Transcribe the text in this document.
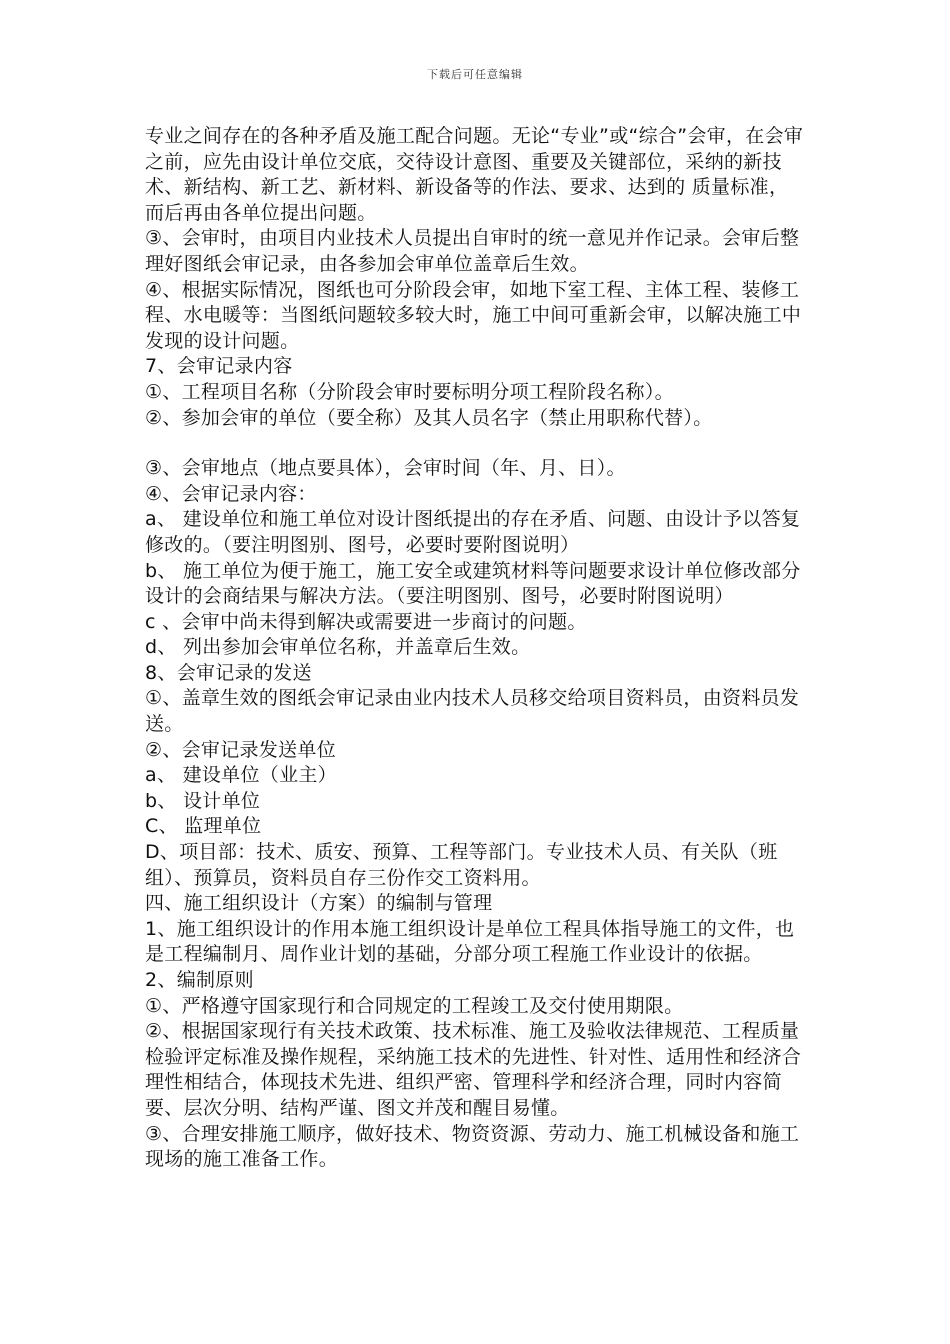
下载后可任意编辑

专业之间存在的各种矛盾及施工配合问题。无论“专业”或“综合”会审，在会审之前，应先由设计单位交底，交待设计意图、重要及关键部位，采纳的新技术、新结构、新工艺、新材料、新设备等的作法、要求、达到的 质量标准，而后再由各单位提出问题。

③、会审时，由项目内业技术人员提出自审时的统一意见并作记录。会审后整理好图纸会审记录，由各参加会审单位盖章后生效。

④、根据实际情况，图纸也可分阶段会审，如地下室工程、主体工程、装修工程、水电暖等：当图纸问题较多较大时，施工中间可重新会审，以解决施工中发现的设计问题。

7、会审记录内容

①、工程项目名称（分阶段会审时要标明分项工程阶段名称）。

②、参加会审的单位（要全称）及其人员名字（禁止用职称代替）。

③、会审地点（地点要具体），会审时间（年、月、日）。

④、会审记录内容：

a、 建设单位和施工单位对设计图纸提出的存在矛盾、问题、由设计予以答复修改的。（要注明图别、图号，必要时要附图说明）

b、 施工单位为便于施工，施工安全或建筑材料等问题要求设计单位修改部分设计的会商结果与解决方法。（要注明图别、图号，必要时附图说明）

c 、会审中尚未得到解决或需要进一步商讨的问题。

d、 列出参加会审单位名称，并盖章后生效。

8、会审记录的发送

①、盖章生效的图纸会审记录由业内技术人员移交给项目资料员，由资料员发送。

②、会审记录发送单位

a、 建设单位（业主）

b、 设计单位

C、 监理单位

D、项目部：技术、质安、预算、工程等部门。专业技术人员、有关队（班组）、预算员，资料员自存三份作交工资料用。

四、施工组织设计（方案）的编制与管理

1、施工组织设计的作用本施工组织设计是单位工程具体指导施工的文件，也是工程编制月、周作业计划的基础，分部分项工程施工作业设计的依据。

2、编制原则

①、严格遵守国家现行和合同规定的工程竣工及交付使用期限。

②、根据国家现行有关技术政策、技术标准、施工及验收法律规范、工程质量检验评定标准及操作规程，采纳施工技术的先进性、针对性、适用性和经济合理性相结合，体现技术先进、组织严密、管理科学和经济合理，同时内容简要、层次分明、结构严谨、图文并茂和醒目易懂。

③、合理安排施工顺序，做好技术、物资资源、劳动力、施工机械设备和施工现场的施工准备工作。
